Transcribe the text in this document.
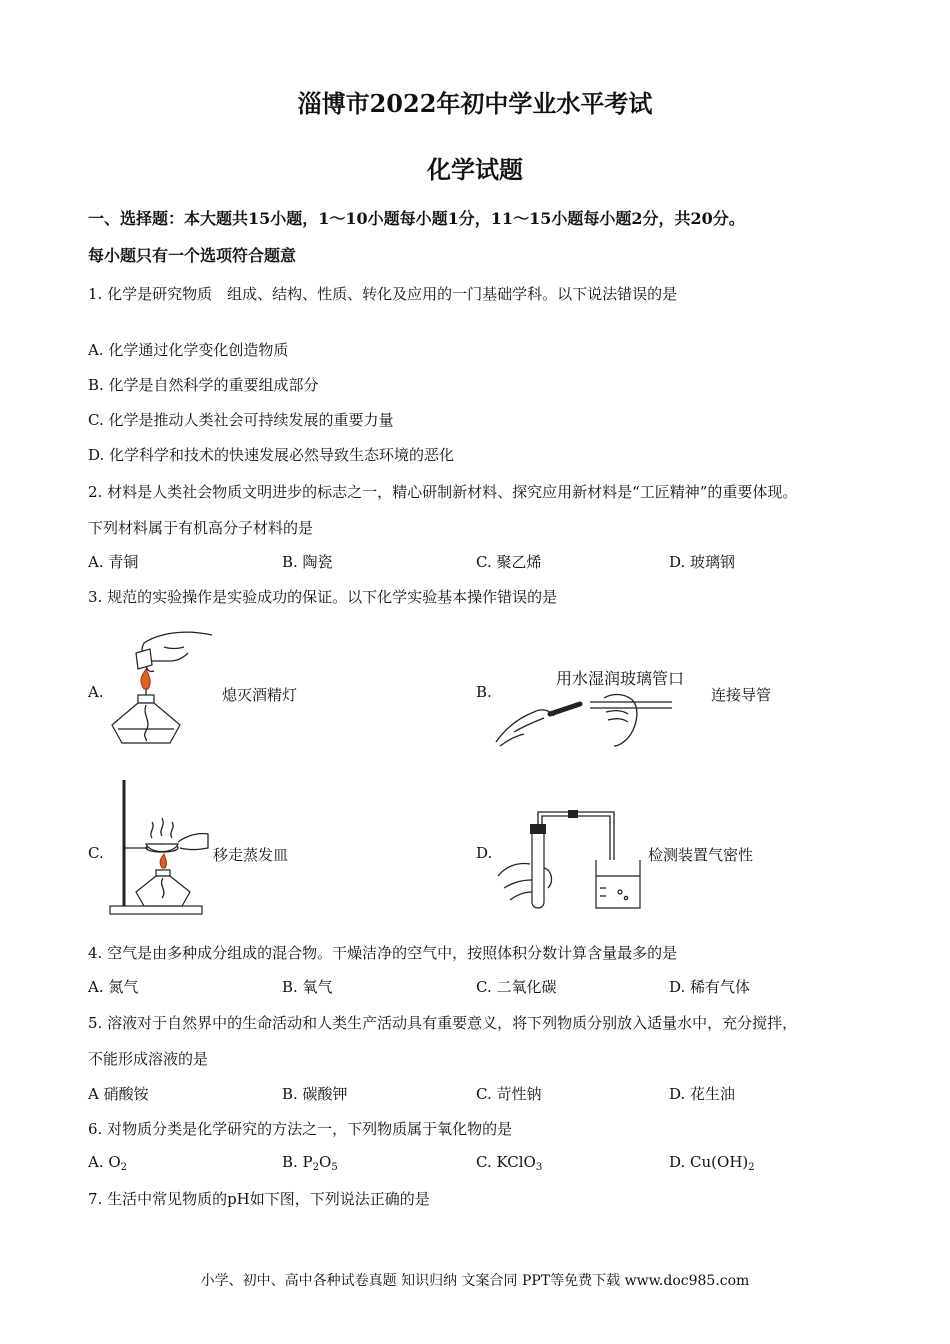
淄博市2022年初中学业水平考试
化学试题
一、选择题：本大题共15小题，1～10小题每小题1分，11～15小题每小题2分，共20分。
每小题只有一个选项符合题意
1. 化学是研究物质　组成、结构、性质、转化及应用的一门基础学科。以下说法错误的是
A. 化学通过化学变化创造物质
B. 化学是自然科学的重要组成部分
C. 化学是推动人类社会可持续发展的重要力量
D. 化学科学和技术的快速发展必然导致生态环境的恶化
2. 材料是人类社会物质文明进步的标志之一，精心研制新材料、探究应用新材料是“工匠精神”的重要体现。
下列材料属于有机高分子材料的是
A. 青铜	B. 陶瓷	C. 聚乙烯	D. 玻璃钢
3. 规范的实验操作是实验成功的保证。以下化学实验基本操作错误的是
A.	熄灭酒精灯	B.
用水湿润玻璃管口
连接导管
C.	移走蒸发皿	D.	检测装置气密性
4. 空气是由多种成分组成的混合物。干燥洁净的空气中，按照体积分数计算含量最多的是
A. 氮气	B. 氧气	C. 二氧化碳	D. 稀有气体
5. 溶液对于自然界中的生命活动和人类生产活动具有重要意义，将下列物质分别放入适量水中，充分搅拌，
不能形成溶液的是
A 硝酸铵	B. 碳酸钾	C. 苛性钠	D. 花生油
6. 对物质分类是化学研究的方法之一，下列物质属于氧化物的是
A. $O_2$	B. $P_2O_5$	C. KClO$_3$	D. $Cu(OH)_2$
7. 生活中常见物质的pH如下图，下列说法正确的是
小学、初中、高中各种试卷真题 知识归纳 文案合同 PPT等免费下载 www.doc985.com
